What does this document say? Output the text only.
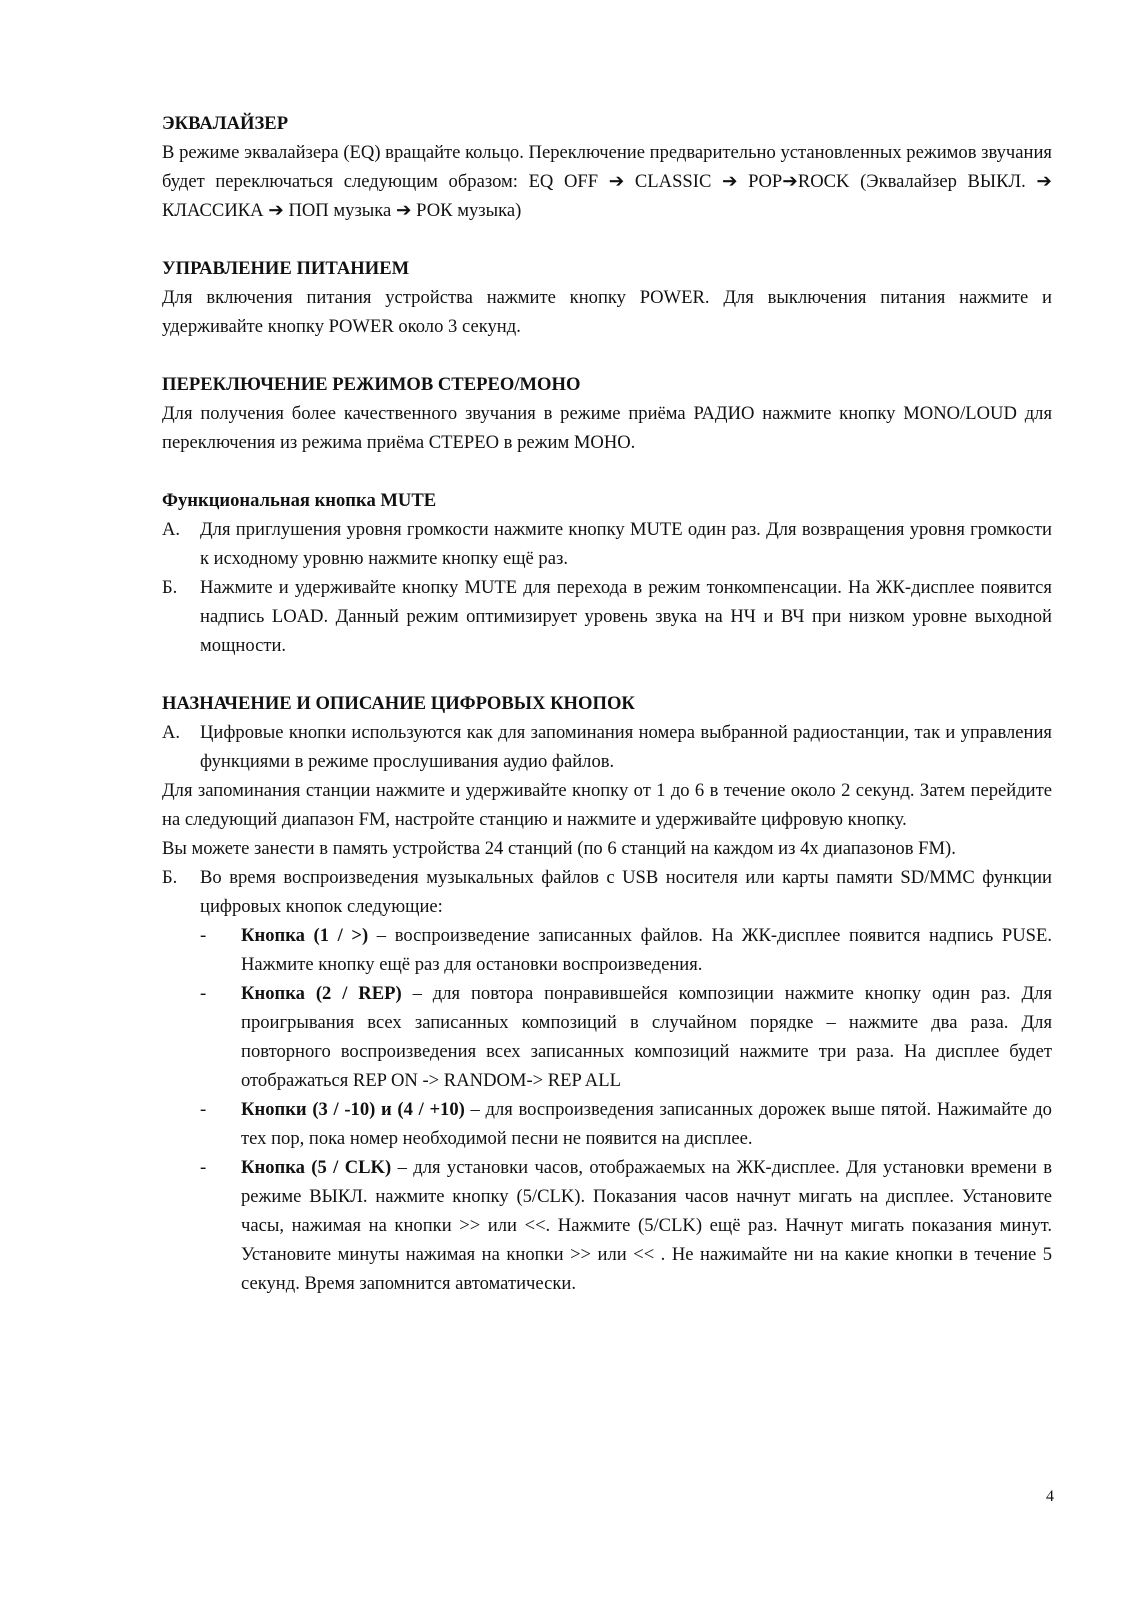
ЭКВАЛАЙЗЕР

В режиме эквалайзера (EQ) вращайте кольцо. Переключение предварительно установленных режимов звучания будет переключаться следующим образом: EQ OFF ➔ CLASSIC ➔ POP➔ROCK (Эквалайзер ВЫКЛ. ➔ КЛАССИКА ➔ ПОП музыка ➔ РОК музыка)

УПРАВЛЕНИЕ ПИТАНИЕМ

Для включения питания устройства нажмите кнопку POWER. Для выключения питания нажмите и удерживайте кнопку POWER около 3 секунд.

ПЕРЕКЛЮЧЕНИЕ РЕЖИМОВ СТЕРЕО/МОНО

Для получения более качественного звучания в режиме приёма РАДИО нажмите кнопку MONO/LOUD для переключения из режима приёма СТЕРЕО в режим МОНО.

Функциональная кнопка MUTE

А.	Для приглушения уровня громкости нажмите кнопку MUTE один раз. Для возвращения уровня громкости к исходному уровню нажмите кнопку ещё раз.
Б.	Нажмите и удерживайте кнопку MUTE для перехода в режим тонкомпенсации. На ЖК-дисплее появится надпись LOAD. Данный режим оптимизирует уровень звука на НЧ и ВЧ при низком уровне выходной мощности.

НАЗНАЧЕНИЕ И ОПИСАНИЕ ЦИФРОВЫХ КНОПОК

А.	Цифровые кнопки используются как для запоминания номера выбранной радиостанции, так и управления функциями в режиме прослушивания аудио файлов.

Для запоминания станции нажмите и удерживайте кнопку от 1 до 6 в течение около 2 секунд. Затем перейдите на следующий диапазон FM, настройте станцию и нажмите и удерживайте цифровую кнопку.

Вы можете занести в память устройства 24 станций (по 6 станций на каждом из 4х диапазонов FM).

Б.	Во время воспроизведения музыкальных файлов с USB носителя или карты памяти SD/MMC функции цифровых кнопок следующие:
-	Кнопка (1 / >) – воспроизведение записанных файлов. На ЖК-дисплее появится надпись PUSE. Нажмите кнопку ещё раз для остановки воспроизведения.
-	Кнопка (2 / REP) – для повтора понравившейся композиции нажмите кнопку один раз. Для проигрывания всех записанных композиций в случайном порядке – нажмите два раза. Для повторного воспроизведения всех записанных композиций нажмите три раза. На дисплее будет отображаться REP ON -> RANDOM-> REP ALL
-	Кнопки (3 / -10) и (4 / +10) – для воспроизведения записанных дорожек выше пятой. Нажимайте до тех пор, пока номер необходимой песни не появится на дисплее.
-	Кнопка (5 / CLK) – для установки часов, отображаемых на ЖК-дисплее. Для установки времени в режиме ВЫКЛ. нажмите кнопку (5/CLK). Показания часов начнут мигать на дисплее. Установите часы, нажимая на кнопки >> или <<. Нажмите (5/CLK) ещё раз. Начнут мигать показания минут. Установите минуты нажимая на кнопки >> или << . Не нажимайте ни на какие кнопки в течение 5 секунд. Время запомнится автоматически.
4
